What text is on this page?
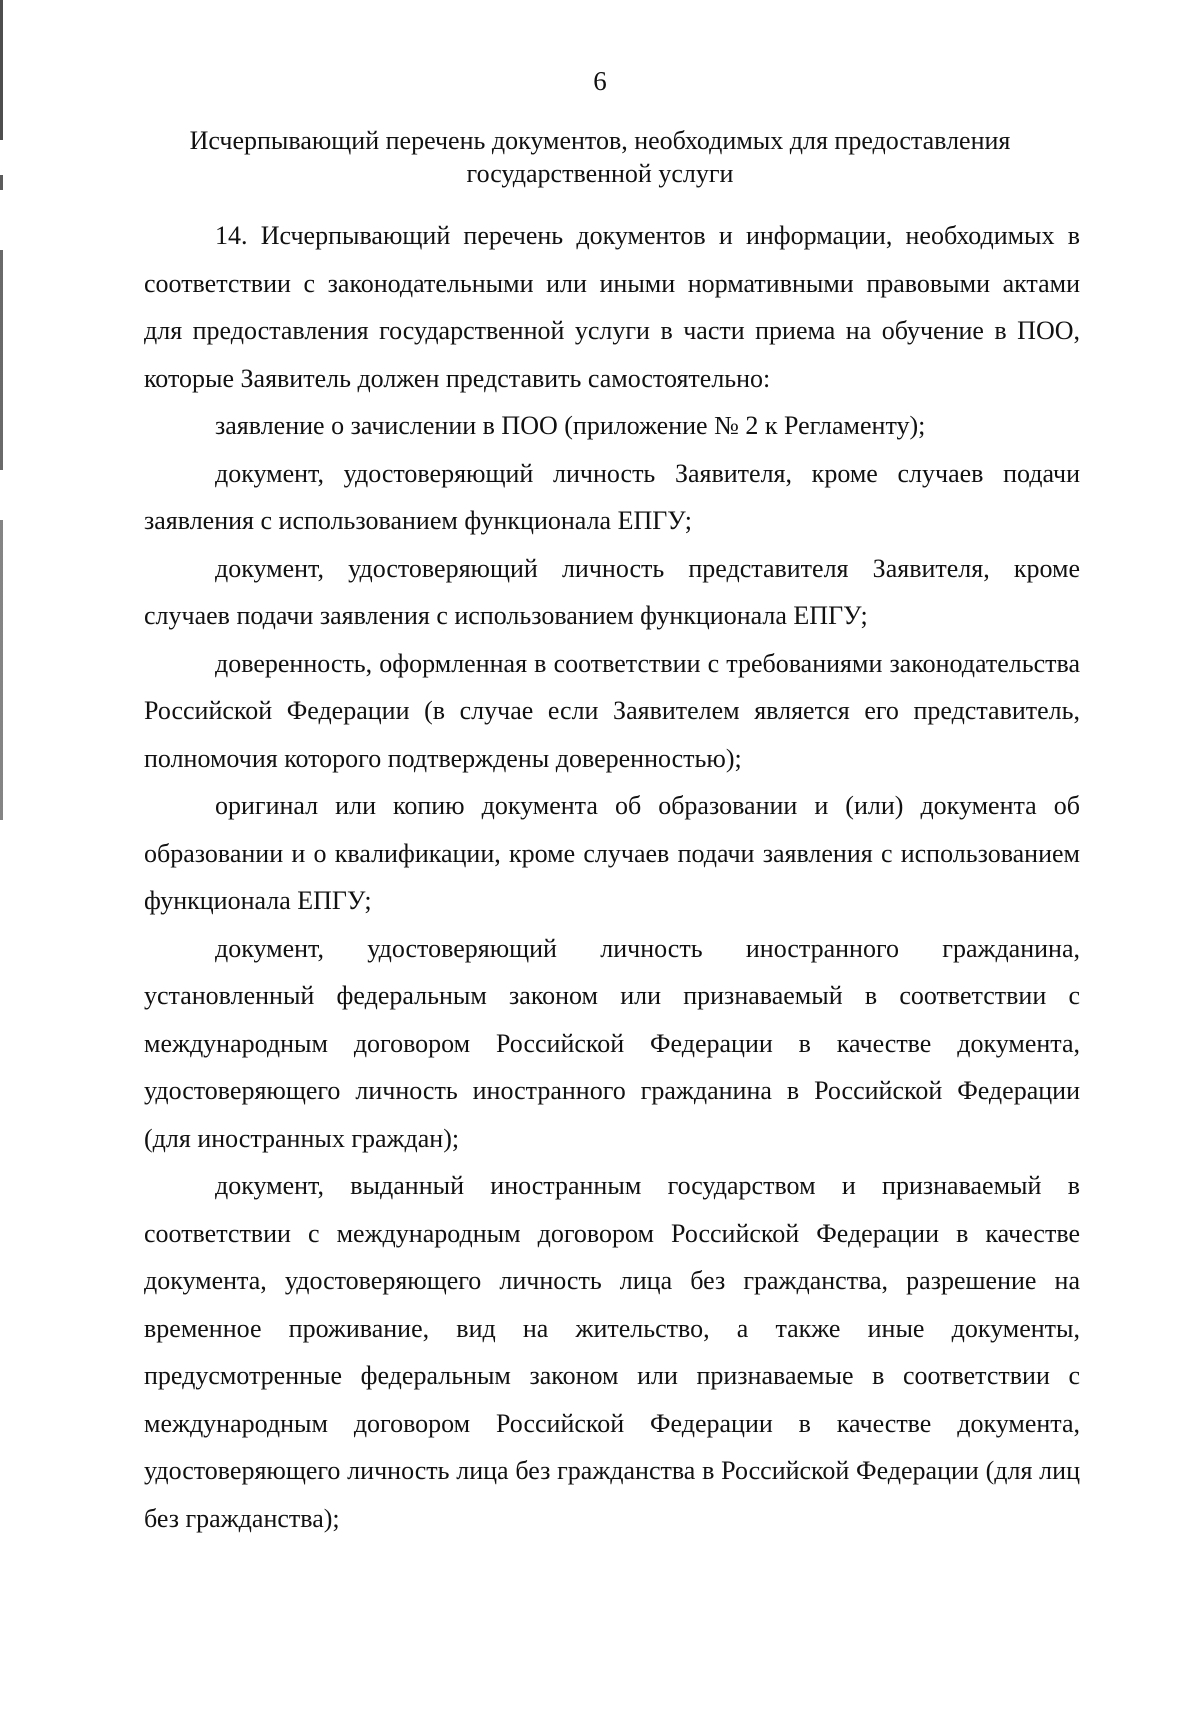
6
Исчерпывающий перечень документов, необходимых для предоставления
государственной услуги

14. Исчерпывающий перечень документов и информации, необходимых в соответствии с законодательными или иными нормативными правовыми актами для предоставления государственной услуги в части приема на обучение в ПОО, которые Заявитель должен представить самостоятельно:

заявление о зачислении в ПОО (приложение № 2 к Регламенту);

документ, удостоверяющий личность Заявителя, кроме случаев подачи заявления с использованием функционала ЕПГУ;

документ, удостоверяющий личность представителя Заявителя, кроме случаев подачи заявления с использованием функционала ЕПГУ;

доверенность, оформленная в соответствии с требованиями законодательства Российской Федерации (в случае если Заявителем является его представитель, полномочия которого подтверждены доверенностью);

оригинал или копию документа об образовании и (или) документа об образовании и о квалификации, кроме случаев подачи заявления с использованием функционала ЕПГУ;

документ, удостоверяющий личность иностранного гражданина, установленный федеральным законом или признаваемый в соответствии с международным договором Российской Федерации в качестве документа, удостоверяющего личность иностранного гражданина в Российской Федерации (для иностранных граждан);

документ, выданный иностранным государством и признаваемый в соответствии с международным договором Российской Федерации в качестве документа, удостоверяющего личность лица без гражданства, разрешение на временное проживание, вид на жительство, а также иные документы, предусмотренные федеральным законом или признаваемые в соответствии с международным договором Российской Федерации в качестве документа, удостоверяющего личность лица без гражданства в Российской Федерации (для лиц без гражданства);
